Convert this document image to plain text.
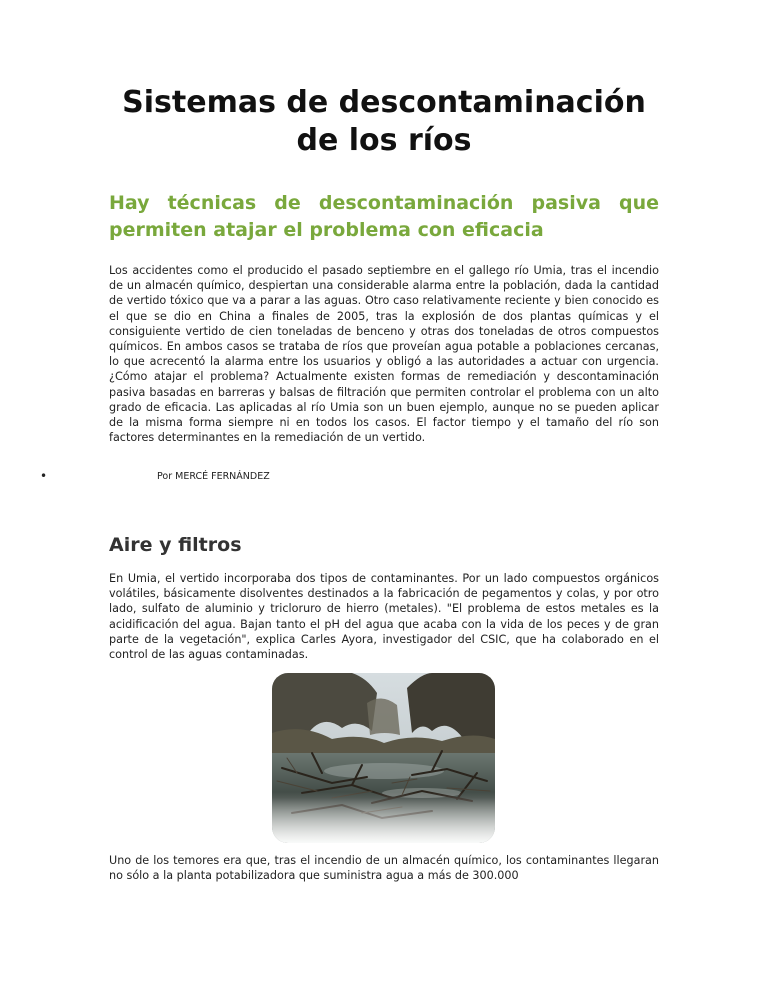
Sistemas de descontaminación de los ríos
Hay técnicas de descontaminación pasiva que permiten atajar el problema con eficacia

Los accidentes como el producido el pasado septiembre en el gallego río Umia, tras el incendio de un almacén químico, despiertan una considerable alarma entre la población, dada la cantidad de vertido tóxico que va a parar a las aguas. Otro caso relativamente reciente y bien conocido es el que se dio en China a finales de 2005, tras la explosión de dos plantas químicas y el consiguiente vertido de cien toneladas de benceno y otras dos toneladas de otros compuestos químicos. En ambos casos se trataba de ríos que proveían agua potable a poblaciones cercanas, lo que acrecentó la alarma entre los usuarios y obligó a las autoridades a actuar con urgencia. ¿Cómo atajar el problema? Actualmente existen formas de remediación y descontaminación pasiva basadas en barreras y balsas de filtración que permiten controlar el problema con un alto grado de eficacia. Las aplicadas al río Umia son un buen ejemplo, aunque no se pueden aplicar de la misma forma siempre ni en todos los casos. El factor tiempo y el tamaño del río son factores determinantes en la remediación de un vertido.

•	Por MERCÉ FERNÁNDEZ
Aire y filtros

En Umia, el vertido incorporaba dos tipos de contaminantes. Por un lado compuestos orgánicos volátiles, básicamente disolventes destinados a la fabricación de pegamentos y colas, y por otro lado, sulfato de aluminio y tricloruro de hierro (metales). "El problema de estos metales es la acidificación del agua. Bajan tanto el pH del agua que acaba con la vida de los peces y de gran parte de la vegetación", explica Carles Ayora, investigador del CSIC, que ha colaborado en el control de las aguas contaminadas.

Uno de los temores era que, tras el incendio de un almacén químico, los contaminantes llegaran no sólo a la planta potabilizadora que suministra agua a más de 300.000
